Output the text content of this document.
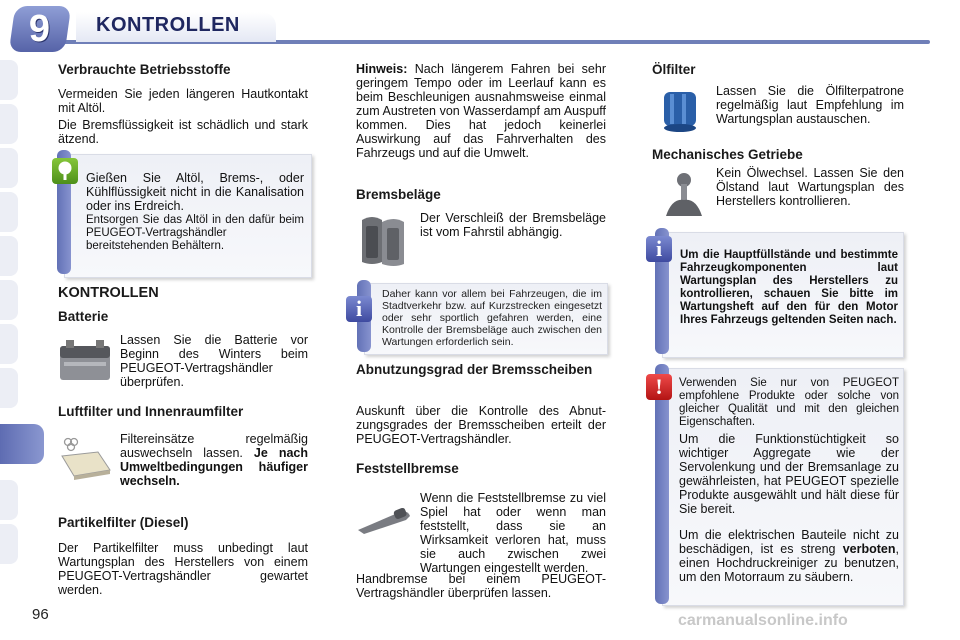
9 KONTROLLEN
Verbrauchte Betriebsstoffe

Vermeiden Sie jeden längeren Hautkontakt mit Altöl.

Die Bremsflüssigkeit ist schädlich und stark ätzend.

Gießen Sie Altöl, Brems-, oder Kühlflüssigkeit nicht in die Kanalisation oder ins Erdreich.

Entsorgen Sie das Altöl in den dafür beim PEUGEOT-Vertragshändler bereitstehenden Behältern.

KONTROLLEN
Batterie

Lassen Sie die Batterie vor Beginn des Winters beim PEUGEOT-Vertragshändler überprüfen.

Luftfilter und Innenraumfilter

Filtereinsätze regelmäßig auswechseln lassen. Je nach Umweltbedingungen häufiger wechseln.

Partikelfilter (Diesel)

Der Partikelfilter muss unbedingt laut Wartungsplan des Herstellers von einem PEUGEOT-Vertragshändler gewartet werden.

Hinweis: Nach längerem Fahren bei sehr geringem Tempo oder im Leerlauf kann es beim Beschleunigen ausnahmsweise einmal zum Austreten von Wasserdampf am Auspuff kommen. Dies hat jedoch keinerlei Auswirkung auf das Fahrverhalten des Fahrzeugs und auf die Umwelt.

Bremsbeläge

Der Verschleiß der Bremsbeläge ist vom Fahrstil abhängig.

i

Daher kann vor allem bei Fahrzeugen, die im Stadtverkehr bzw. auf Kurzstrecken eingesetzt oder sehr sportlich gefahren werden, eine Kontrolle der Bremsbeläge auch zwischen den Wartungen erforderlich sein.

Abnutzungsgrad der Bremsscheiben

Auskunft über die Kontrolle des Abnutzungsgrades der Bremsscheiben erteilt der PEUGEOT-Vertragshändler.

Feststellbremse

Wenn die Feststellbremse zu viel Spiel hat oder wenn man feststellt, dass sie an Wirksamkeit verloren hat, muss sie auch zwischen zwei Wartungen eingestellt werden.

Handbremse bei einem PEUGEOT-Vertragshändler überprüfen lassen.

Ölfilter

Lassen Sie die Ölfilterpatrone regelmäßig laut Empfehlung im Wartungsplan austauschen.

Mechanisches Getriebe

Kein Ölwechsel. Lassen Sie den Ölstand laut Wartungsplan des Herstellers kontrollieren.

i	Um die Hauptfüllstände und bestimmte Fahrzeugkomponenten laut Wartungsplan des Herstellers zu kontrollieren, schauen Sie bitte im Wartungsheft auf den für den Motor Ihres Fahrzeugs geltenden Seiten nach.

!	Verwenden Sie nur von PEUGEOT empfohlene Produkte oder solche von gleicher Qualität und mit den gleichen Eigenschaften.

Um die Funktionstüchtigkeit so wichtiger Aggregate wie der Servolenkung und der Bremsanlage zu gewährleisten, hat PEUGEOT spezielle Produkte ausgewählt und hält diese für Sie bereit.

Um die elektrischen Bauteile nicht zu beschädigen, ist es streng verboten, einen Hochdruckreiniger zu benutzen, um den Motorraum zu säubern.

96	carmanualsonline.info
